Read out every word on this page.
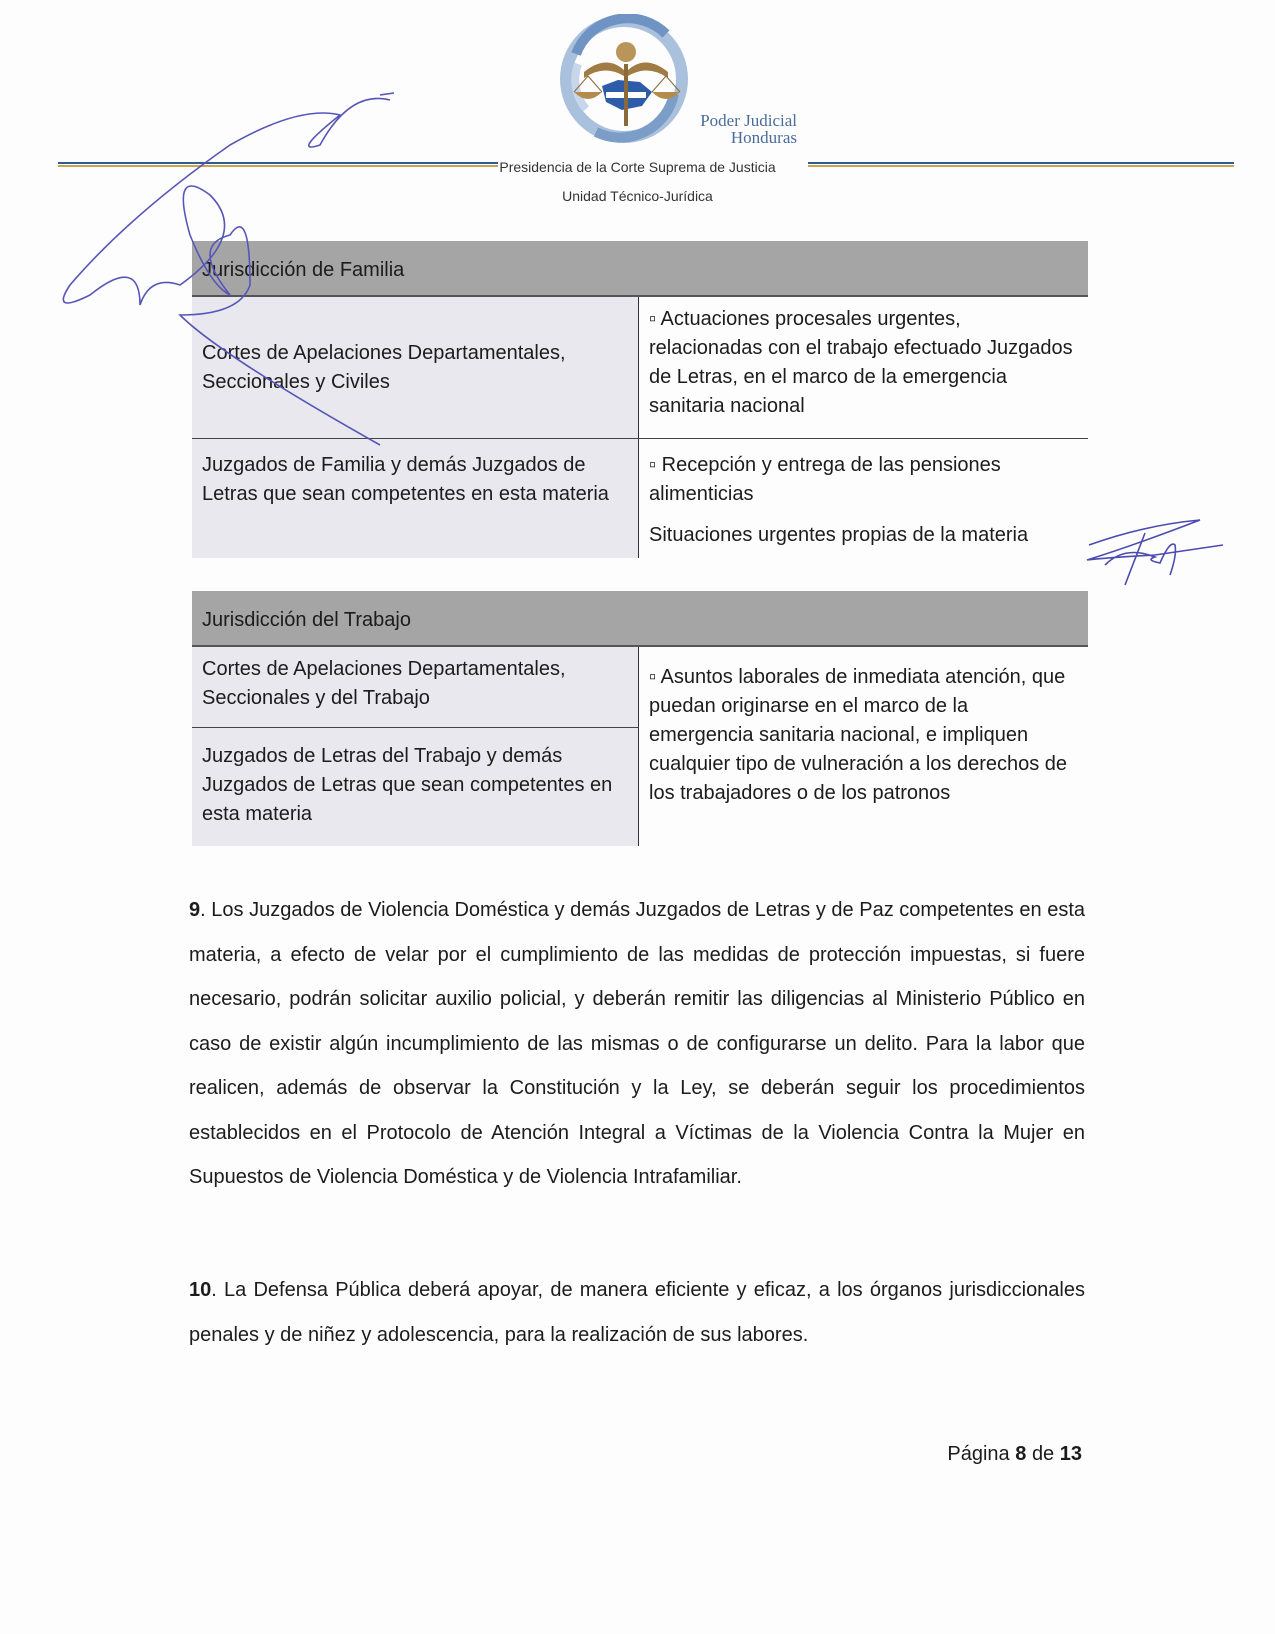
Poder Judicial
Honduras
Presidencia de la Corte Suprema de Justicia
Unidad Técnico-Jurídica
Jurisdicción de Familia	
Cortes de Apelaciones Departamentales, Seccionales y Civiles	▫ Actuaciones procesales urgentes, relacionadas con el trabajo efectuado Juzgados de Letras, en el marco de la emergencia sanitaria nacional
Juzgados de Familia y demás Juzgados de Letras que sean competentes en esta materia	▫ Recepción y entrega de las pensiones alimenticias
Situaciones urgentes propias de la materia
Jurisdicción del Trabajo
Cortes de Apelaciones Departamentales, Seccionales y del Trabajo	▫ Asuntos laborales de inmediata atención, que puedan originarse en el marco de la emergencia sanitaria nacional, e impliquen cualquier tipo de vulneración a los derechos de los trabajadores o de los patronos
Juzgados de Letras del Trabajo y demás Juzgados de Letras que sean competentes en esta materia
9. Los Juzgados de Violencia Doméstica y demás Juzgados de Letras y de Paz competentes en esta materia, a efecto de velar por el cumplimiento de las medidas de protección impuestas, si fuere necesario, podrán solicitar auxilio policial, y deberán remitir las diligencias al Ministerio Público en caso de existir algún incumplimiento de las mismas o de configurarse un delito. Para la labor que realicen, además de observar la Constitución y la Ley, se deberán seguir los procedimientos establecidos en el Protocolo de Atención Integral a Víctimas de la Violencia Contra la Mujer en Supuestos de Violencia Doméstica y de Violencia Intrafamiliar.
10. La Defensa Pública deberá apoyar, de manera eficiente y eficaz, a los órganos jurisdiccionales penales y de niñez y adolescencia, para la realización de sus labores.
Página 8 de 13
